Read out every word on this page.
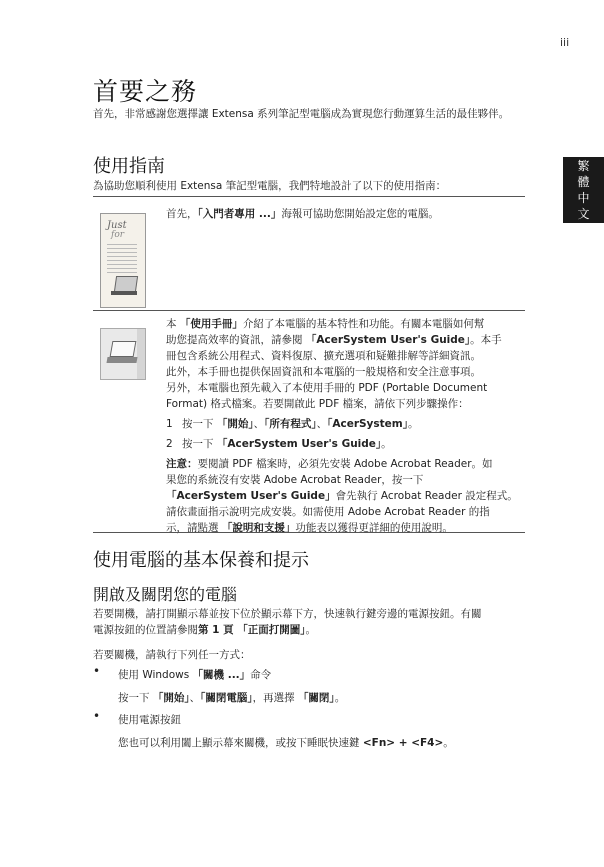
iii
繁
體
中
文
首要之務
首先，非常感謝您選擇讓 Extensa 系列筆記型電腦成為實現您行動運算生活的最佳夥伴。
使用指南
為協助您順利使用 Extensa 筆記型電腦，我們特地設計了以下的使用指南：
Just
for
首先，「入門者專用 ...」海報可協助您開始設定您的電腦。
本 「使用手冊」介紹了本電腦的基本特性和功能。有關本電腦如何幫
助您提高效率的資訊，請參閱 「AcerSystem User's Guide」。本手
冊包含系統公用程式、資料復原、擴充選項和疑難排解等詳細資訊。
此外，本手冊也提供保固資訊和本電腦的一般規格和安全注意事項。
另外，本電腦也預先載入了本使用手冊的 PDF (Portable Document
Format) 格式檔案。若要開啟此 PDF 檔案，請依下列步驟操作：
1 按一下 「開始」、「所有程式」、「AcerSystem」。
2 按一下 「AcerSystem User's Guide」。
注意：要閱讀 PDF 檔案時，必須先安裝 Adobe Acrobat Reader。如
果您的系統沒有安裝 Adobe Acrobat Reader，按一下
「AcerSystem User's Guide」會先執行 Acrobat Reader 設定程式。
請依畫面指示說明完成安裝。如需使用 Adobe Acrobat Reader 的指
示，請點選 「說明和支援」功能表以獲得更詳細的使用說明。
使用電腦的基本保養和提示
開啟及關閉您的電腦
若要開機，請打開顯示幕並按下位於顯示幕下方，快速執行鍵旁邊的電源按鈕。有關
電源按鈕的位置請參閱第 1 頁 「正面打開圖」。
若要關機，請執行下列任一方式：
• 使用 Windows 「關機 ...」命令
按一下 「開始」、「關閉電腦」，再選擇 「關閉」。
• 使用電源按鈕
您也可以利用闔上顯示幕來關機，或按下睡眠快速鍵 <Fn> + <F4>。
